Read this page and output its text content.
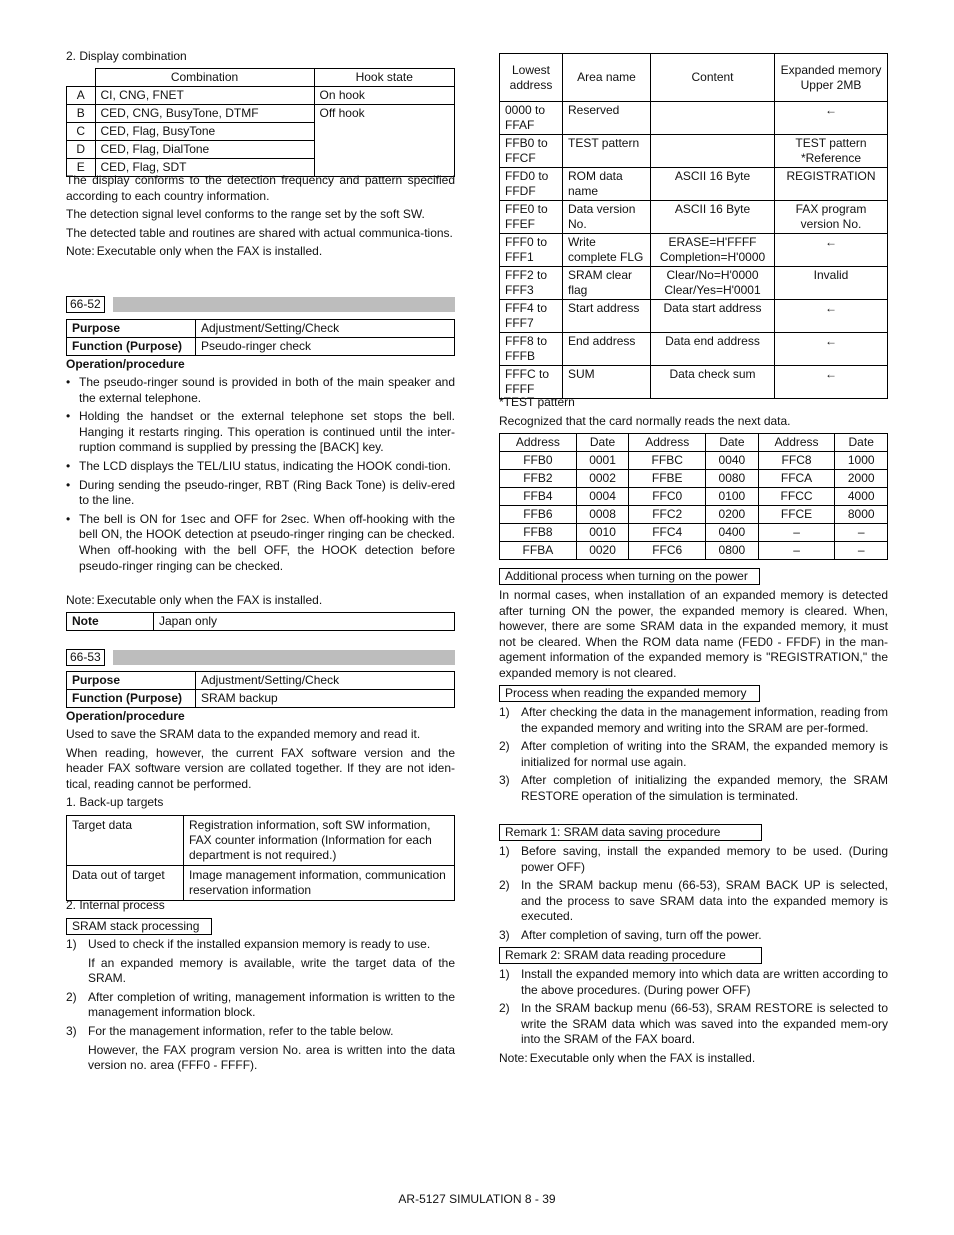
2. Display combination
	Combination	Hook state
A	CI, CNG, FNET	On hook
B	CED, CNG, BusyTone, DTMF	Off hook
C	CED, Flag, BusyTone	
D	CED, Flag, DialTone	
E	CED, Flag, SDT	

The display conforms to the detection frequency and pattern specified according to each country information.

The detection signal level conforms to the range set by the soft SW.

The detected table and routines are shared with actual communica-tions.

Note: Executable only when the FAX is installed.
66-52
Purpose	Adjustment/Setting/Check
Function (Purpose)	Pseudo-ringer check
Operation/procedure
• The pseudo-ringer sound is provided in both of the main speaker and the external telephone.
• Holding the handset or the external telephone set stops the bell. Hanging it restarts ringing. This operation is continued until the inter-ruption command is supplied by pressing the [BACK] key.
• The LCD displays the TEL/LIU status, indicating the HOOK condi-tion.
• During sending the pseudo-ringer, RBT (Ring Back Tone) is deliv-ered to the line.
• The bell is ON for 1sec and OFF for 2sec. When off-hooking with the bell ON, the HOOK detection at pseudo-ringer ringing can be checked. When off-hooking with the bell OFF, the HOOK detection before pseudo-ringer ringing can be checked.
Note: Executable only when the FAX is installed.
Note	Japan only
66-53
Purpose	Adjustment/Setting/Check
Function (Purpose)	SRAM backup
Operation/procedure

Used to save the SRAM data to the expanded memory and read it.

When reading, however, the current FAX software version and the header FAX software version are collated together. If they are not iden-tical, reading cannot be performed.

1. Back-up targets

Target data	Registration information, soft SW information, FAX counter information (Information for each department is not required.)
Data out of target	Image management information, communication reservation information
2. Internal process
SRAM stack processing
1) Used to check if the installed expansion memory is ready to use.
If an expanded memory is available, write the target data of the SRAM.
2) After completion of writing, management information is written to the management information block.
3) For the management information, refer to the table below.
However, the FAX program version No. area is written into the data version no. area (FFF0 - FFFF).
Lowest address	Area name	Content	Expanded memory Upper 2MB
0000 to FFAF	Reserved		←
FFB0 to FFCF	TEST pattern		TEST pattern *Reference
FFD0 to FFDF	ROM data name	ASCII 16 Byte	REGISTRATION
FFE0 to FFEF	Data version No.	ASCII 16 Byte	FAX program version No.
FFF0 to FFF1	Write complete FLG	ERASE=H'FFFF Completion=H'0000	←
FFF2 to FFF3	SRAM clear flag	Clear/No=H'0000 Clear/Yes=H'0001	Invalid
FFF4 to FFF7	Start address	Data start address	←
FFF8 to FFFB	End address	Data end address	←
FFFC to FFFF	SUM	Data check sum	←
*TEST pattern
Recognized that the card normally reads the next data.
Address	Date	Address	Date	Address	Date
FFB0	0001	FFBC	0040	FFC8	1000
FFB2	0002	FFBE	0080	FFCA	2000
FFB4	0004	FFC0	0100	FFCC	4000
FFB6	0008	FFC2	0200	FFCE	8000
FFB8	0010	FFC4	0400	–	–
FFBA	0020	FFC6	0800	–	–
Additional process when turning on the power

In normal cases, when installation of an expanded memory is detected after turning ON the power, the expanded memory is cleared. When, however, there are some SRAM data in the expanded memory, it must not be cleared. When the ROM data name (FED0 - FFDF) in the man-agement information of the expanded memory is "REGISTRATION," the expanded memory is not cleared.

Process when reading the expanded memory
1) After checking the data in the management information, reading from the expanded memory and writing into the SRAM are per-formed.
2) After completion of writing into the SRAM, the expanded memory is initialized for normal use again.
3) After completion of initializing the expanded memory, the SRAM RESTORE operation of the simulation is terminated.
Remark 1: SRAM data saving procedure
1) Before saving, install the expanded memory to be used. (During power OFF)
2) In the SRAM backup menu (66-53), SRAM BACK UP is selected, and the process to save SRAM data into the expanded memory is executed.
3) After completion of saving, turn off the power.
Remark 2: SRAM data reading procedure
1) Install the expanded memory into which data are written according to the above procedures. (During power OFF)
2) In the SRAM backup menu (66-53), SRAM RESTORE is selected to write the SRAM data which was saved into the expanded mem-ory into the SRAM of the FAX board.
Note: Executable only when the FAX is installed.
AR-5127 SIMULATION 8 - 39
